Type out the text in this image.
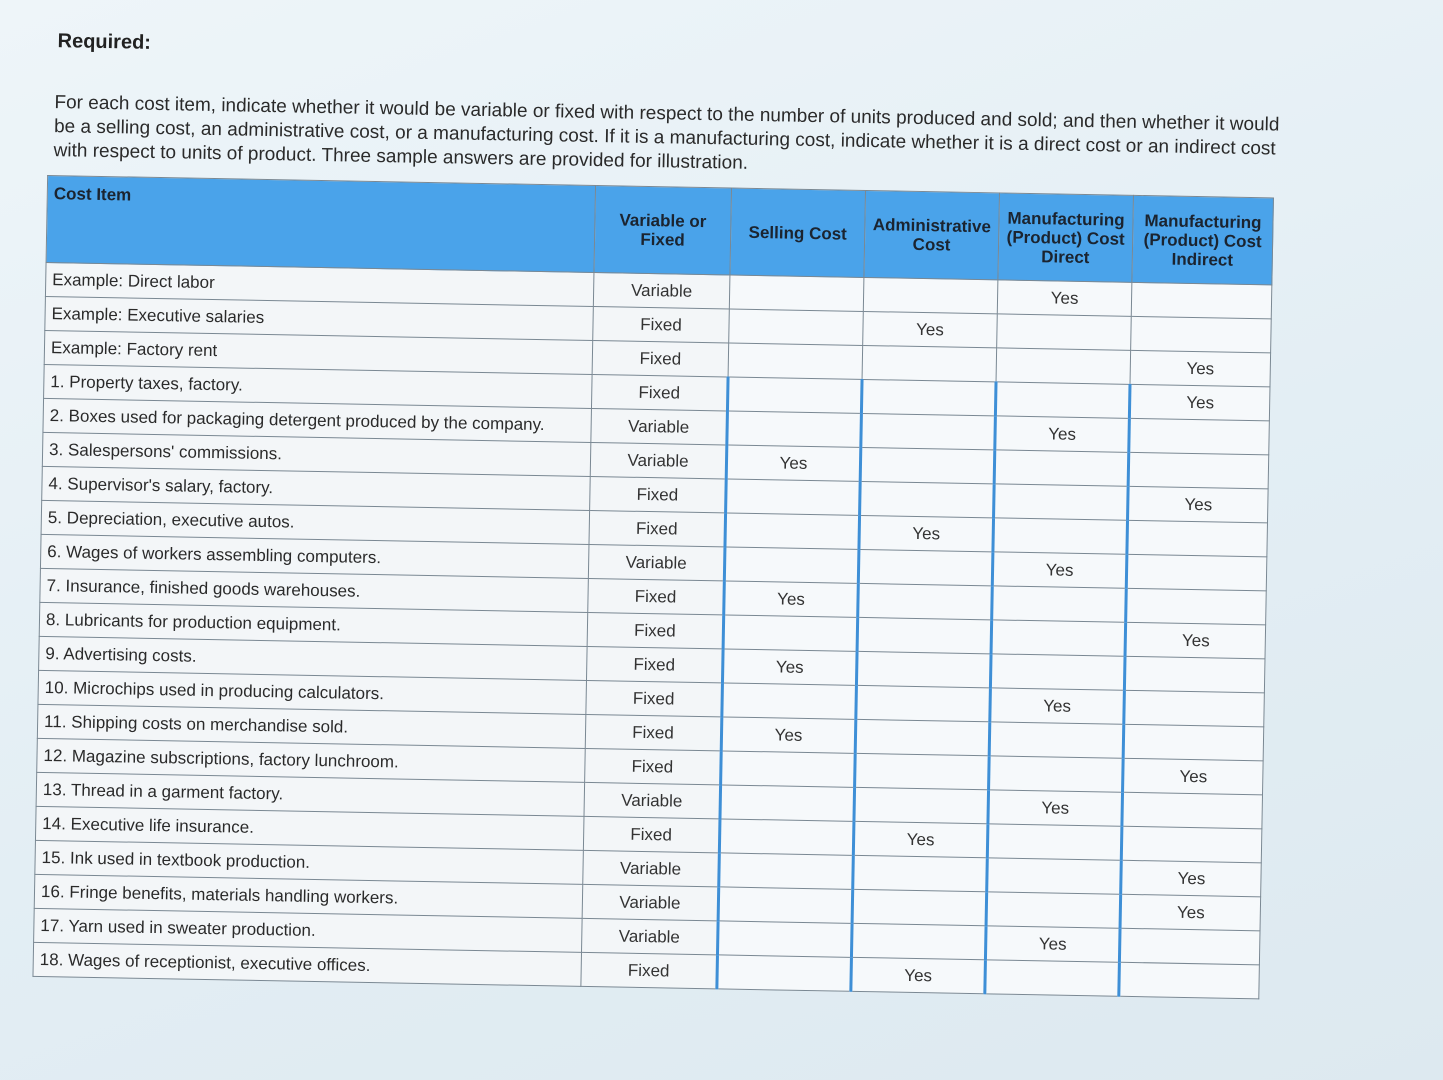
Required:
For each cost item, indicate whether it would be variable or fixed with respect to the number of units produced and sold; and then whether it would be a selling cost, an administrative cost, or a manufacturing cost. If it is a manufacturing cost, indicate whether it is a direct cost or an indirect cost with respect to units of product. Three sample answers are provided for illustration.
Cost Item	Variable or Fixed	Selling Cost	Administrative Cost	Manufacturing (Product) Cost Direct	Manufacturing (Product) Cost Indirect
Example: Direct labor	Variable			Yes	
Example: Executive salaries	Fixed		Yes		
Example: Factory rent	Fixed				Yes
1. Property taxes, factory.	Fixed				Yes
2. Boxes used for packaging detergent produced by the company.	Variable			Yes	
3. Salespersons' commissions.	Variable	Yes			
4. Supervisor's salary, factory.	Fixed				Yes
5. Depreciation, executive autos.	Fixed		Yes		
6. Wages of workers assembling computers.	Variable			Yes	
7. Insurance, finished goods warehouses.	Fixed	Yes			
8. Lubricants for production equipment.	Fixed				Yes
9. Advertising costs.	Fixed	Yes			
10. Microchips used in producing calculators.	Fixed			Yes	
11. Shipping costs on merchandise sold.	Fixed	Yes			
12. Magazine subscriptions, factory lunchroom.	Fixed				Yes
13. Thread in a garment factory.	Variable			Yes	
14. Executive life insurance.	Fixed		Yes		
15. Ink used in textbook production.	Variable				Yes
16. Fringe benefits, materials handling workers.	Variable				Yes
17. Yarn used in sweater production.	Variable			Yes	
18. Wages of receptionist, executive offices.	Fixed		Yes		
